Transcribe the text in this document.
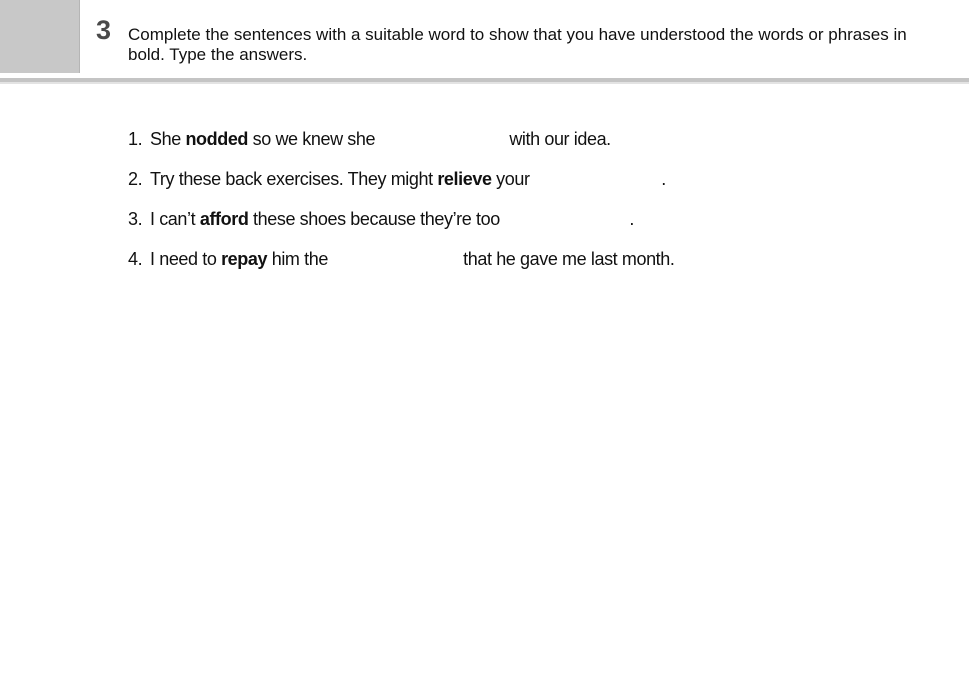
3 Complete the sentences with a suitable word to show that you have understood the words or phrases in bold. Type the answers.
1. She nodded so we knew she	with our idea.
2. Try these back exercises. They might relieve your	.
3. I can’t afford these shoes because they’re too	.
4. I need to repay him the	that he gave me last month.
